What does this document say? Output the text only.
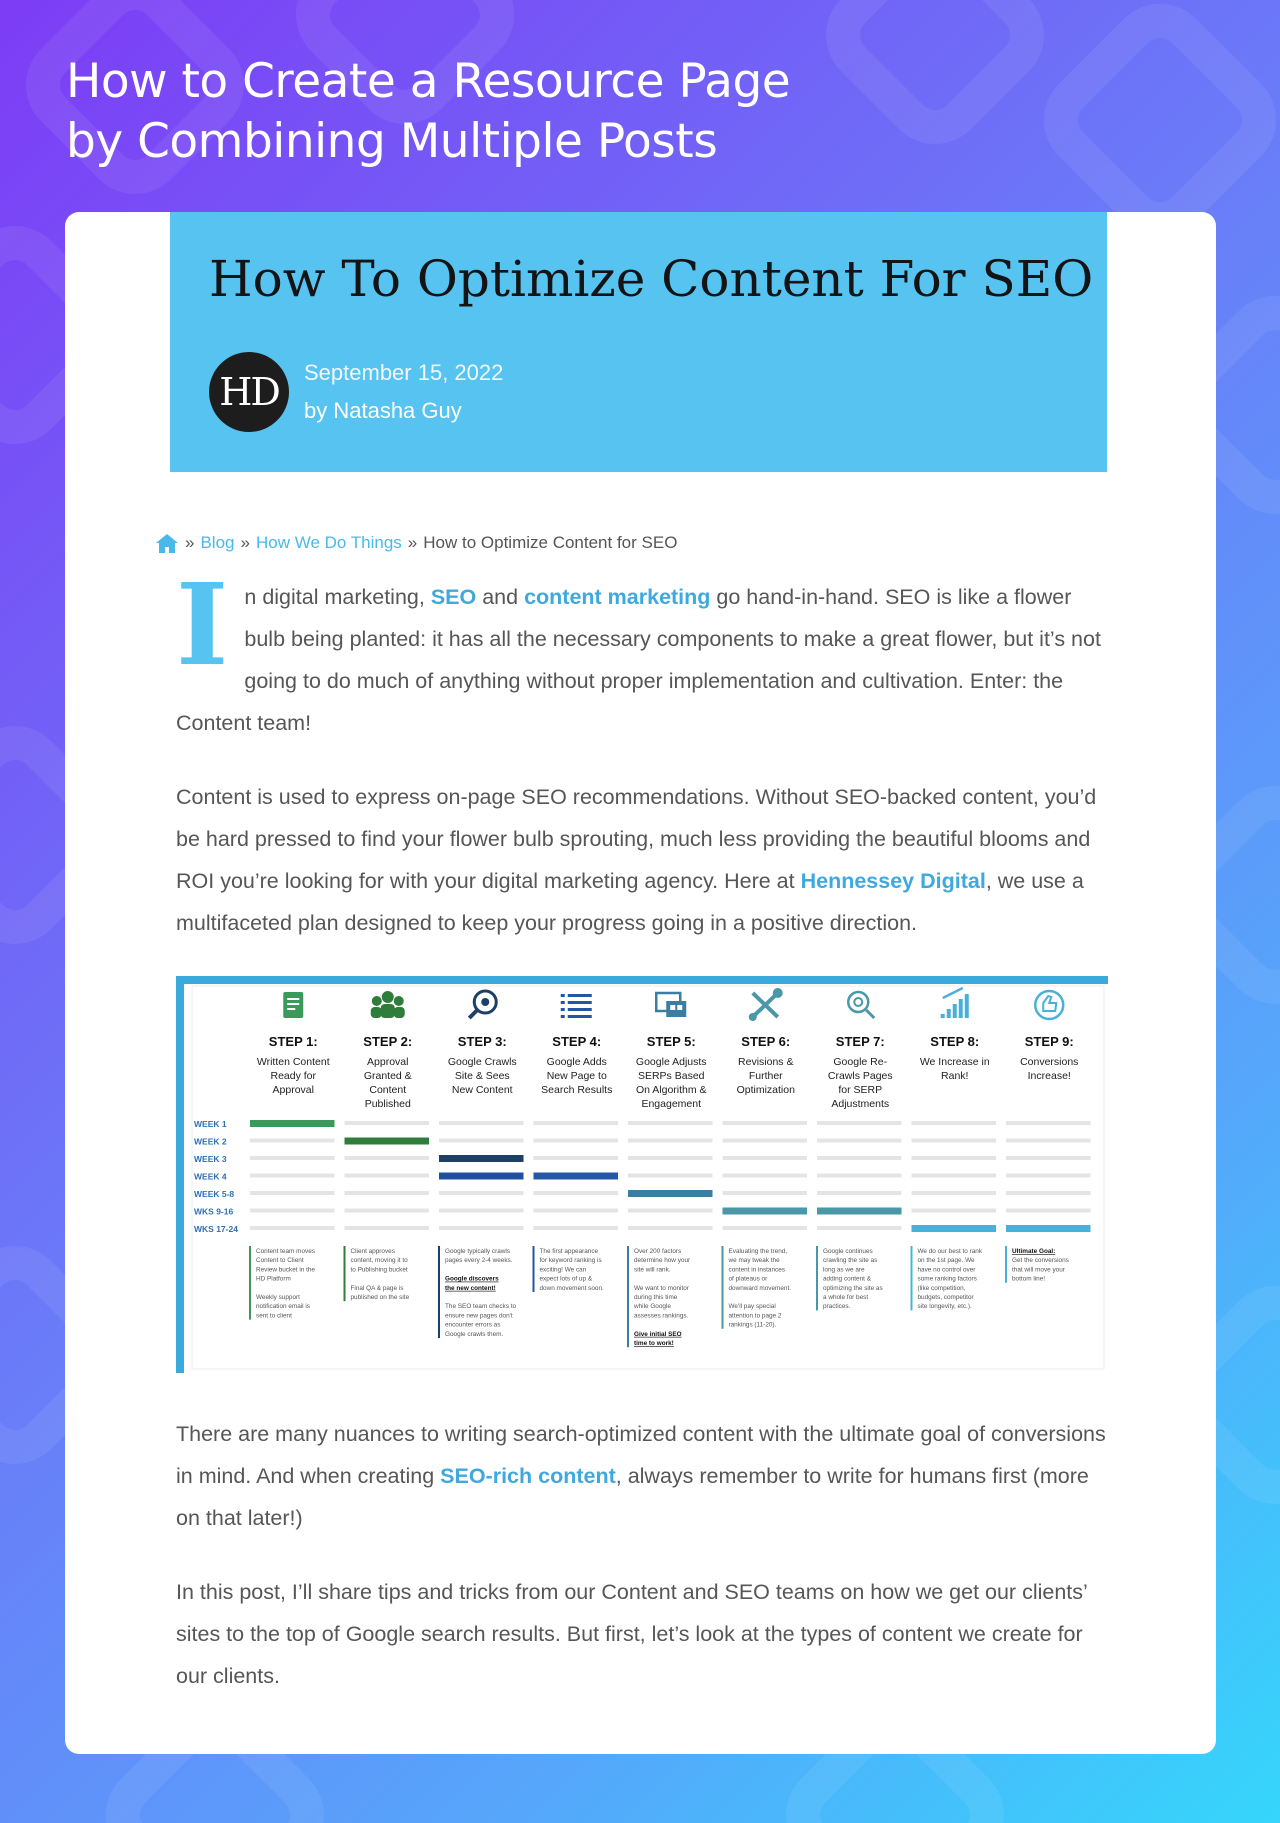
How to Create a Resource Page
by Combining Multiple Posts
How To Optimize Content For SEO
HD	September 15, 2022
by Natasha Guy
» Blog » How We Do Things » How to Optimize Content for SEO

In digital marketing, SEO and content marketing go hand-in-hand. SEO is like a flower bulb being planted: it has all the necessary components to make a great flower, but it’s not going to do much of anything without proper implementation and cultivation. Enter: the Content team!

Content is used to express on-page SEO recommendations. Without SEO-backed content, you’d be hard pressed to find your flower bulb sprouting, much less providing the beautiful blooms and ROI you’re looking for with your digital marketing agency. Here at Hennessey Digital, we use a multifaceted plan designed to keep your progress going in a positive direction.

WEEK 1
WEEK 2
WEEK 3
WEEK 4
WEEK 5-8
WKS 9-16
WKS 17-24
STEP 1:
Written Content
Ready for
Approval
Content team moves
Content to Client
Review bucket in the
HD Platform
Weekly support
notification email is
sent to client
STEP 2:
Approval
Granted &
Content
Published
Client approves
content, moving it to
to Publishing bucket
Final QA & page is
published on the site
STEP 3:
Google Crawls
Site & Sees
New Content
Google typically crawls
pages every 2-4 weeks.
Google discovers
the new content!
The SEO team checks to
ensure new pages don't
encounter errors as
Google crawls them.
STEP 4:
Google Adds
New Page to
Search Results
The first appearance
for keyword ranking is
exciting! We can
expect lots of up &
down movement soon.
STEP 5:
Google Adjusts
SERPs Based
On Algorithm &
Engagement
Over 200 factors
determine how your
site will rank.
We want to monitor
during this time
while Google
assesses rankings.
Give initial SEO
time to work!
STEP 6:
Revisions &
Further
Optimization
Evaluating the trend,
we may tweak the
content in instances
of plateaus or
downward movement.
We'll pay special
attention to page 2
rankings (11-20).
STEP 7:
Google Re-
Crawls Pages
for SERP
Adjustments
Google continues
crawling the site as
long as we are
adding content &
optimizing the site as
a whole for best
practices.
STEP 8:
We Increase in
Rank!
We do our best to rank
on the 1st page. We
have no control over
some ranking factors
(like competition,
budgets, competitor
site longevity, etc.).
STEP 9:
Conversions
Increase!
Ultimate Goal:
Get the conversions
that will move your
bottom line!

There are many nuances to writing search-optimized content with the ultimate goal of conversions in mind. And when creating SEO-rich content, always remember to write for humans first (more on that later!)

In this post, I’ll share tips and tricks from our Content and SEO teams on how we get our clients’ sites to the top of Google search results. But first, let’s look at the types of content we create for our clients.
